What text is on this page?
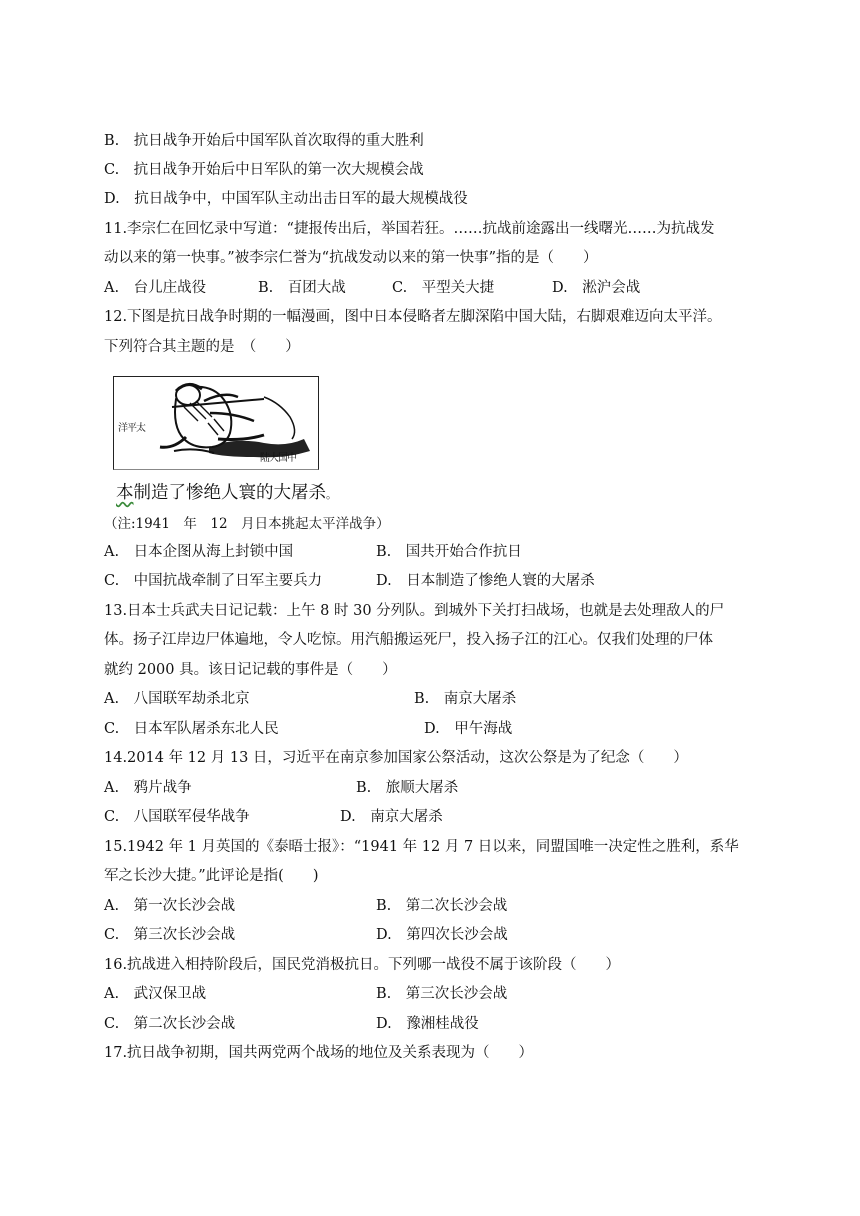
B.　抗日战争开始后中国军队首次取得的重大胜利
C.　抗日战争开始后中日军队的第一次大规模会战
D.　抗日战争中，中国军队主动出击日军的最大规模战役
11.李宗仁在回忆录中写道：“捷报传出后，举国若狂。……抗战前途露出一线曙光……为抗战发
动以来的第一快事。”被李宗仁誉为“抗战发动以来的第一快事”指的是（　　）
A.　台儿庄战役	B.　百团大战	C.　平型关大捷	D.　淞沪会战
12.下图是抗日战争时期的一幅漫画，图中日本侵略者左脚深陷中国大陆，右脚艰难迈向太平洋。
下列符合其主题的是　（　　）
洋平太
陆大国中
本制造了惨绝人寰的大屠杀。
（注:1941　年　12　月日本挑起太平洋战争）
A.　日本企图从海上封锁中国	B.　国共开始合作抗日
C.　中国抗战牵制了日军主要兵力	D.　日本制造了惨绝人寰的大屠杀
13.日本士兵武夫日记记载：上午 8 时 30 分列队。到城外下关打扫战场，也就是去处理敌人的尸
体。扬子江岸边尸体遍地，令人吃惊。用汽船搬运死尸，投入扬子江的江心。仅我们处理的尸体
就约 2000 具。该日记记载的事件是（　　）
A.　八国联军劫杀北京	B.　南京大屠杀
C.　日本军队屠杀东北人民	D.　甲午海战
14.2014 年 12 月 13 日，习近平在南京参加国家公祭活动，这次公祭是为了纪念（　　）
A.　鸦片战争	B.　旅顺大屠杀
C.　八国联军侵华战争	D.　南京大屠杀
15.1942 年 1 月英国的《泰晤士报》：“1941 年 12 月 7 日以来，同盟国唯一决定性之胜利，系华
军之长沙大捷。”此评论是指(　　)
A.　第一次长沙会战	B.　第二次长沙会战
C.　第三次长沙会战	D.　第四次长沙会战
16.抗战进入相持阶段后，国民党消极抗日。下列哪一战役不属于该阶段（　　）
A.　武汉保卫战	B.　第三次长沙会战
C.　第二次长沙会战	D.　豫湘桂战役
17.抗日战争初期，国共两党两个战场的地位及关系表现为（　　）
